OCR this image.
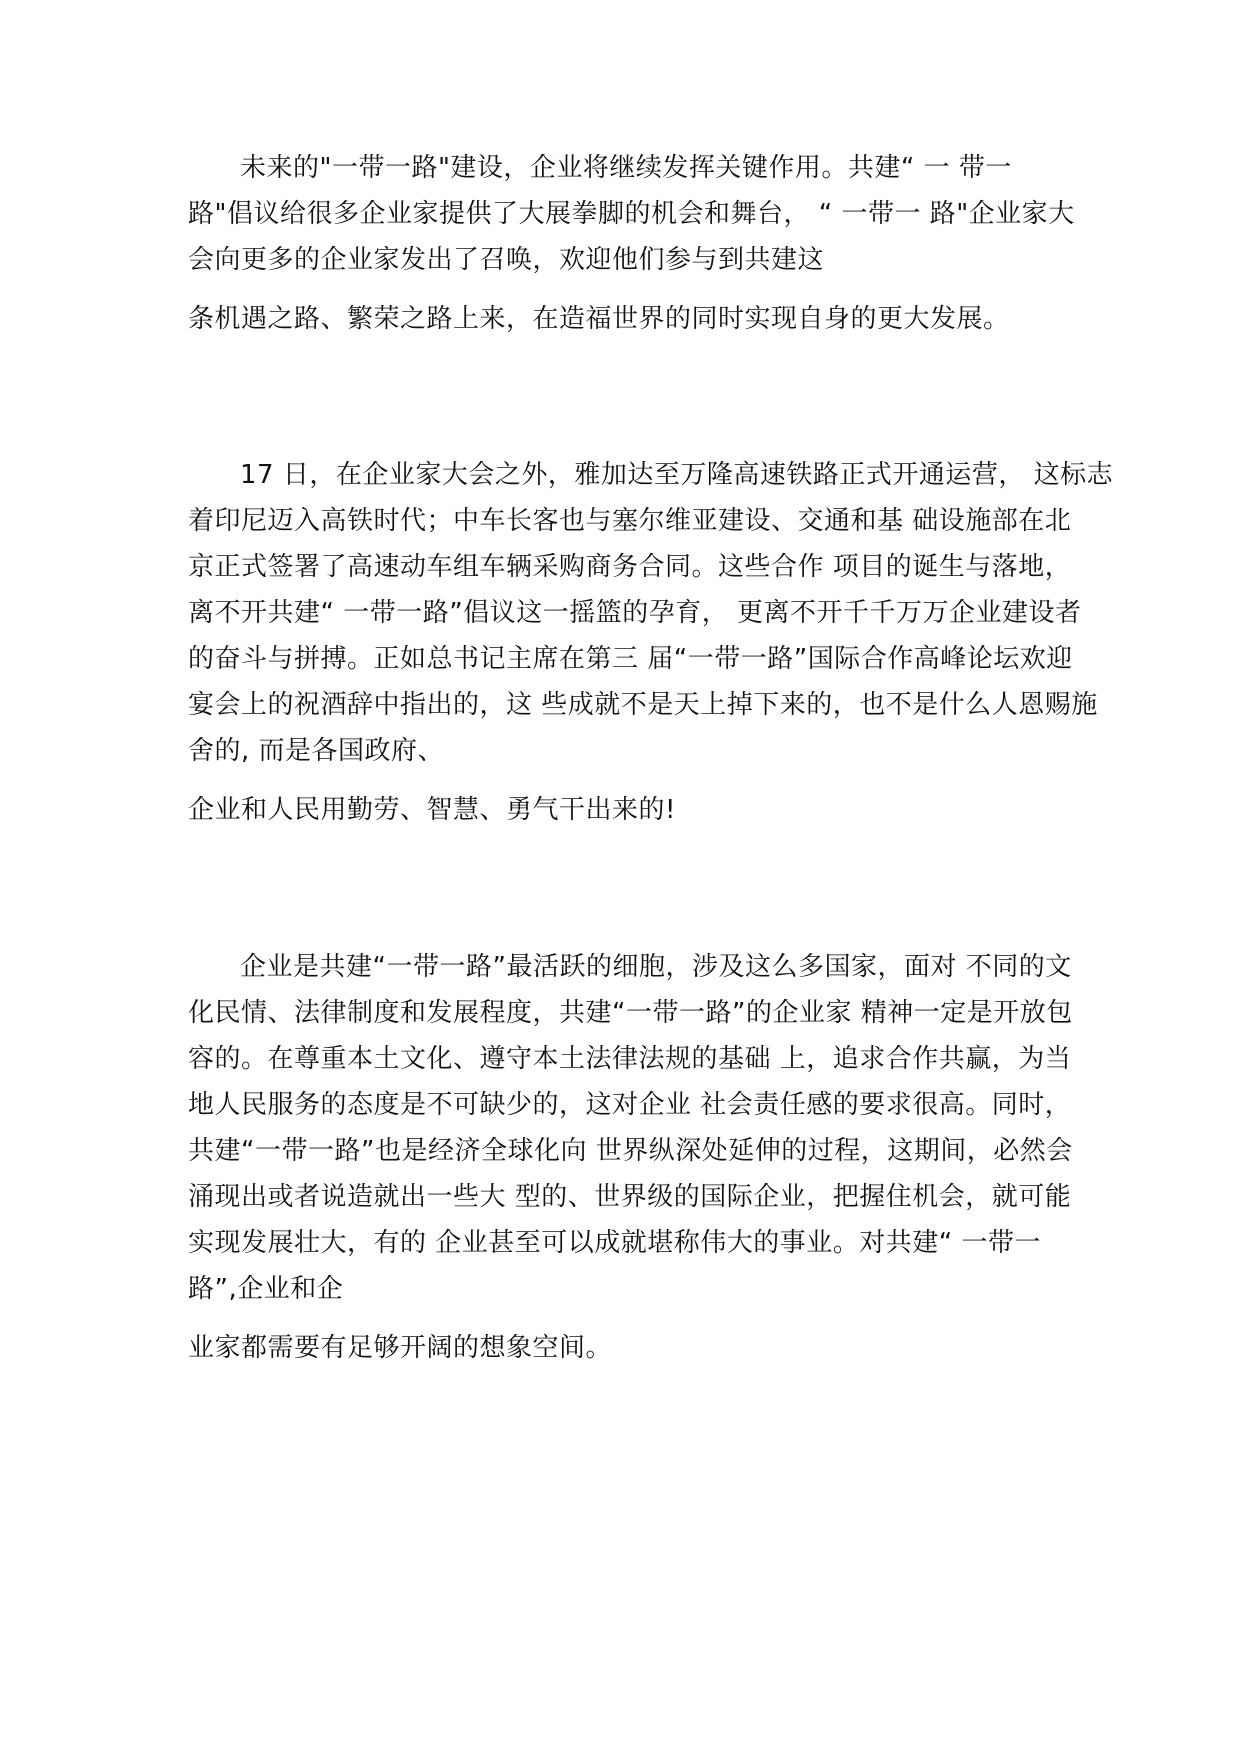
未来的"一带一路"建设，企业将继续发挥关键作用。共建“ 一 带一
路"倡议给很多企业家提供了大展拳脚的机会和舞台， “ 一带一 路"企业家大
会向更多的企业家发出了召唤，欢迎他们参与到共建这
条机遇之路、繁荣之路上来，在造福世界的同时实现自身的更大发展。
17 日，在企业家大会之外，雅加达至万隆高速铁路正式开通运营， 这标志
着印尼迈入高铁时代；中车长客也与塞尔维亚建设、交通和基 础设施部在北
京正式签署了高速动车组车辆采购商务合同。这些合作 项目的诞生与落地，
离不开共建“ 一带一路”倡议这一摇篮的孕育， 更离不开千千万万企业建设者
的奋斗与拼搏。正如总书记主席在第三 届“一带一路”国际合作高峰论坛欢迎
宴会上的祝酒辞中指出的，这 些成就不是天上掉下来的，也不是什么人恩赐施
舍的, 而是各国政府、
企业和人民用勤劳、智慧、勇气干出来的!
企业是共建“一带一路”最活跃的细胞，涉及这么多国家，面对 不同的文
化民情、法律制度和发展程度，共建“一带一路”的企业家 精神一定是开放包
容的。在尊重本土文化、遵守本土法律法规的基础 上，追求合作共赢，为当
地人民服务的态度是不可缺少的，这对企业 社会责任感的要求很高。同时，
共建“一带一路”也是经济全球化向 世界纵深处延伸的过程，这期间，必然会
涌现出或者说造就出一些大 型的、世界级的国际企业，把握住机会，就可能
实现发展壮大，有的 企业甚至可以成就堪称伟大的事业。对共建“ 一带一
路”,企业和企
业家都需要有足够开阔的想象空间。
